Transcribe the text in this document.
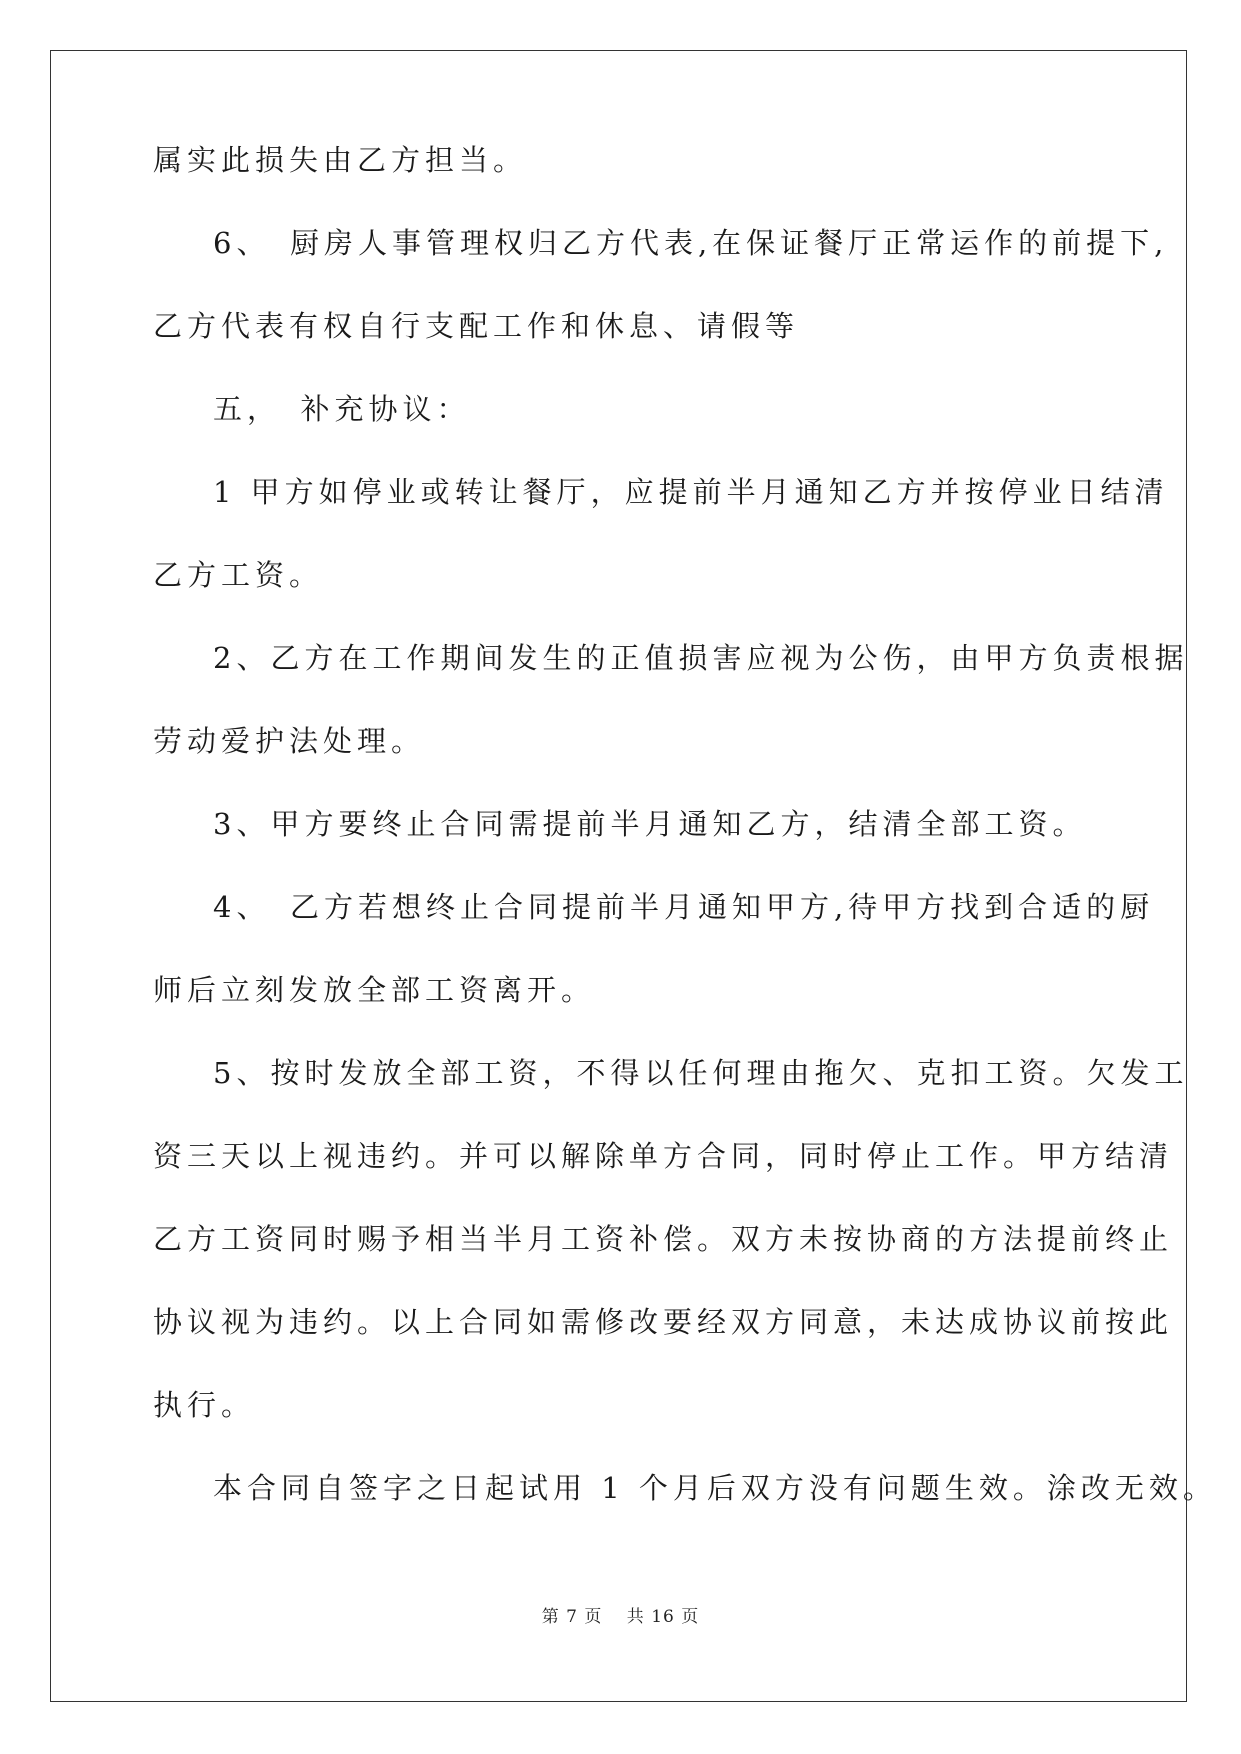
属实此损失由乙方担当。
6、　厨房人事管理权归乙方代表,在保证餐厅正常运作的前提下,
乙方代表有权自行支配工作和休息、请假等
五，　补充协议：
1 甲方如停业或转让餐厅，应提前半月通知乙方并按停业日结清
乙方工资。
2、乙方在工作期间发生的正值损害应视为公伤，由甲方负责根据
劳动爱护法处理。
3、甲方要终止合同需提前半月通知乙方，结清全部工资。
4、　乙方若想终止合同提前半月通知甲方,待甲方找到合适的厨
师后立刻发放全部工资离开。
5、按时发放全部工资，不得以任何理由拖欠、克扣工资。欠发工
资三天以上视违约。并可以解除单方合同，同时停止工作。甲方结清
乙方工资同时赐予相当半月工资补偿。双方未按协商的方法提前终止
协议视为违约。以上合同如需修改要经双方同意，未达成协议前按此
执行。
本合同自签字之日起试用 1 个月后双方没有问题生效。涂改无效。
第 7 页　 共 16 页
